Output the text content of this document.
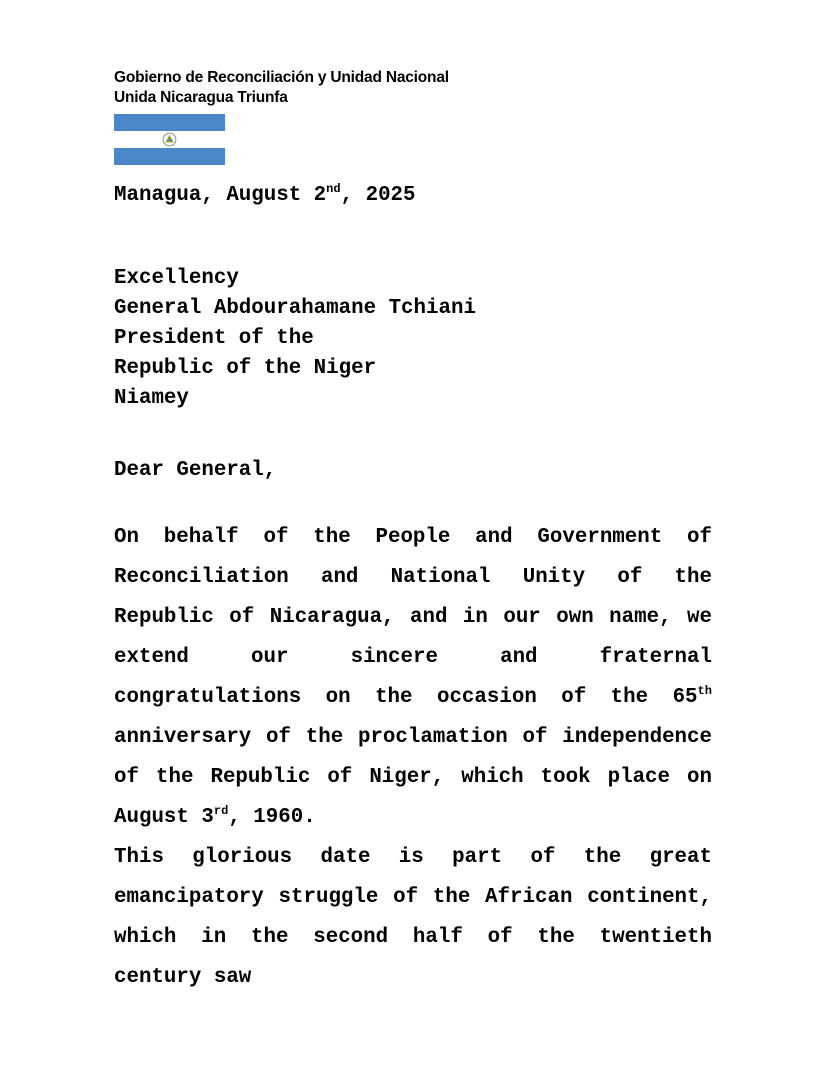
Gobierno de Reconciliación y Unidad Nacional
Unida Nicaragua Triunfa
Managua, August 2nd, 2025
Excellency
General Abdourahamane Tchiani
President of the
Republic of the Niger
Niamey
Dear General,
On behalf of the People and Government of Reconciliation and National Unity of the Republic of Nicaragua, and in our own name, we extend our sincere and fraternal congratulations on the occasion of the 65th anniversary of the proclamation of independence of the Republic of Niger, which took place on August 3rd, 1960.
This glorious date is part of the great emancipatory struggle of the African continent, which in the second half of the twentieth century saw
